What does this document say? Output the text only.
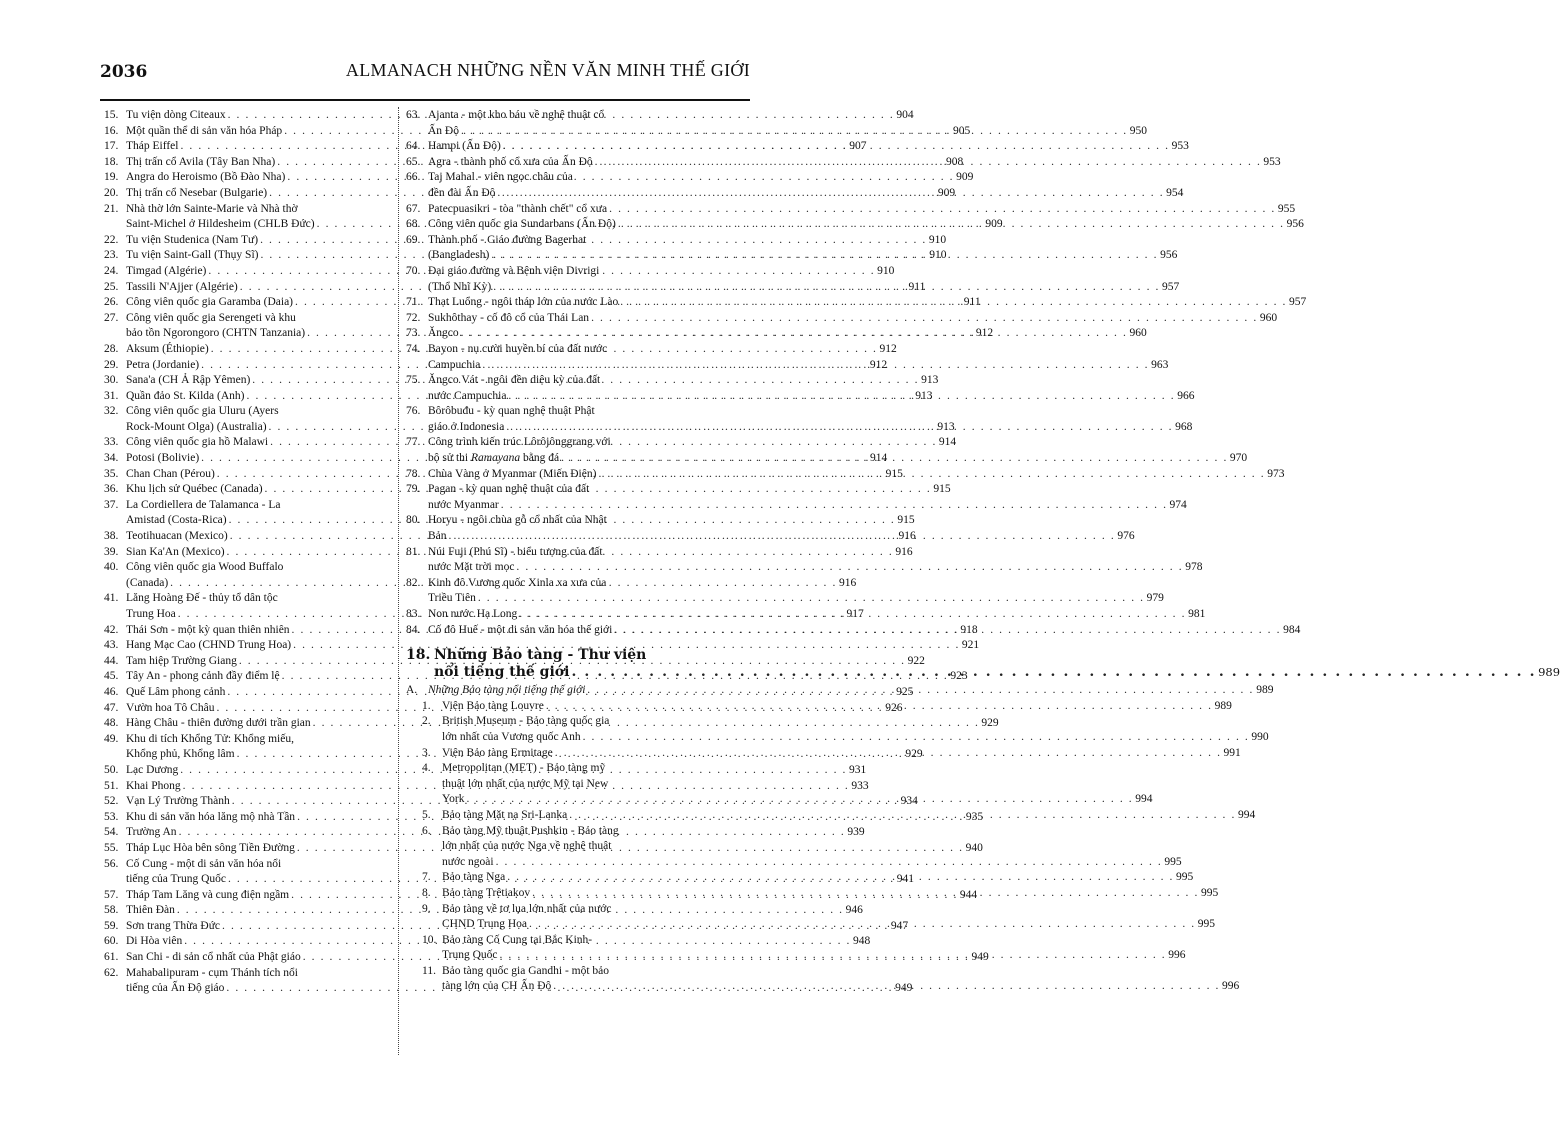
2036	ALMANACH NHỮNG NỀN VĂN MINH THẾ GIỚI
15. Tu viện dòng Citeaux . . .	904
16. Một quần thể di sản văn hóa Pháp . . .	905
17. Tháp Eiffel . . .	907
18. Thị trấn cổ Avila (Tây Ban Nha) . . .	908
19. Angra do Heroismo (Bồ Đào Nha) . . .	909
20. Thị trấn cổ Nesebar (Bulgarie) . . .	909
21. Nhà thờ lớn Sainte-Marie và Nhà thờ
Saint-Michel ở Hildesheim (CHLB Đức) . . .	909
22. Tu viện Studenica (Nam Tư) . . .	910
23. Tu viện Saint-Gall (Thụy Sĩ) . . .	910
24. Timgad (Algérie) . . .	910
25. Tassili N'Ajjer (Algérie) . . .	911
26. Công viên quốc gia Garamba (Daia) . . .	911
27. Công viên quốc gia Serengeti và khu
bảo tồn Ngorongoro (CHTN Tanzania) . . .	912
28. Aksum (Éthiopie) . . .	912
29. Petra (Jordanie) . . .	912
30. Sana'a (CH Ả Rập Yêmen) . . .	913
31. Quần đảo St. Kilda (Anh) . . .	913
32. Công viên quốc gia Uluru (Ayers
Rock-Mount Olga) (Australia) . . .	913
33. Công viên quốc gia hồ Malawi . . .	914
34. Potosi (Bolivie) . . .	914
35. Chan Chan (Pérou) . . .	915
36. Khu lịch sử Québec (Canada) . . .	915
37. La Cordiellera de Talamanca - La
Amistad (Costa-Rica) . . .	915
38. Teotihuacan (Mexico) . . .	916
39. Sian Ka'An (Mexico) . . .	916
40. Công viên quốc gia Wood Buffalo
(Canada) . . .	916
41. Lăng Hoàng Đế - thủy tổ dân tộc
Trung Hoa . . .	917
42. Thái Sơn - một kỳ quan thiên nhiên . . .	918
43. Hang Mạc Cao (CHND Trung Hoa) . . .	921
44. Tam hiệp Trường Giang . . .	922
45. Tây An - phong cảnh đầy điểm lệ . . .	923
46. Quế Lâm phong cảnh . . .	925
47. Vườn hoa Tô Châu . . .	926
48. Hàng Châu - thiên đường dưới trần gian . . .	929
49. Khu di tích Khổng Tử: Khổng miếu,
Khổng phủ, Khổng lâm . . .	929
50. Lạc Dương . . .	931
51. Khai Phong . . .	933
52. Vạn Lý Trường Thành . . .	934
53. Khu di sản văn hóa lăng mộ nhà Tần . . .	935
54. Trường An . . .	939
55. Tháp Lục Hòa bên sông Tiền Đường . . .	940
56. Cố Cung - một di sản văn hóa nổi
tiếng của Trung Quốc . . .	941
57. Tháp Tam Lăng và cung điện ngầm . . .	944
58. Thiên Đàn . . .	946
59. Sơn trang Thừa Đức . . .	947
60. Di Hòa viên . . .	948
61. San Chi - di sản cổ nhất của Phật giáo . . .	949
62. Mahabalipuram - cụm Thánh tích nổi
tiếng của Ấn Độ giáo . . .	949
63. Ajanta - một kho báu về nghệ thuật cổ
Ấn Độ . . .	950
64. Hampi (Ấn Độ) . . .	953
65. Agra - thành phố cổ xưa của Ấn Độ . . .	953
66. Taj Mahal - viên ngọc châu của
đền đài Ấn Độ . . .	954
67. Patecpuasikri - tòa "thành chết" cổ xưa . . .	955
68. Công viên quốc gia Sundarbans (Ấn Độ) . . .	956
69. Thành phố - Giáo đường Bagerhat
(Bangladesh) . . .	956
70. Đại giáo đường và Bệnh viện Divrigi
(Thổ Nhĩ Kỳ) . . .	957
71. Thạt Luổng - ngôi tháp lớn của nước Lào . . .	957
72. Sukhôthay - cố đô cổ của Thái Lan . . .	960
73. Ăngco . . .	960
74. Bayon - nụ cười huyền bí của đất nước
Campuchia . . .	963
75. Ăngco Vát - ngôi đền diệu kỳ của đất
nước Campuchia . . .	966
76. Bôrôbuđu - kỳ quan nghệ thuật Phật
giáo ở Indonesia . . .	968
77. Công trình kiến trúc Lôrôjônggrang với
bộ sử thi Ramayana bằng đá . . .	970
78. Chùa Vàng ở Myanmar (Miến Điện) . . .	973
79. Pagan - kỳ quan nghệ thuật của đất
nước Myanmar . . .	974
80. Horyu - ngôi chùa gỗ cổ nhất của Nhật
Bản . . .	976
81. Núi Fuji (Phú Sĩ) - biểu tượng của đất
nước Mặt trời mọc . . .	978
82. Kinh đô Vương quốc Xinla xa xưa của
Triều Tiên . . .	979
83. Non nước Hạ Long . . .	981
84. Cố đô Huế - một di sản văn hóa thế giới . . .	984
18. Những Bảo tàng - Thư viện
nổi tiếng thế giới . . .	989
A. Những Bảo tàng nổi tiếng thế giới . . .	989
1. Viện Bảo tàng Louvre . . .	989
2. British Museum - Bảo tàng quốc gia
lớn nhất của Vương quốc Anh . . .	990
3. Viện Bảo tàng Ermitage . . .	991
4. Metropolitan (MET) - Bảo tàng mỹ
thuật lớn nhất của nước Mỹ tại New
York . . .	994
5. Bảo tàng Mặt nạ Sri-Lanka . . .	994
6. Bảo tàng Mỹ thuật Pushkin - Bảo tàng
lớn nhất của nước Nga về nghệ thuật
nước ngoài . . .	995
7. Bảo tàng Nga . . .	995
8. Bảo tàng Trêtiakov . . .	995
9. Bảo tàng về tơ lụa lớn nhất của nước
CHND Trung Hoa . . .	995
10. Bảo tàng Cố Cung tại Bắc Kinh-
Trung Quốc . . .	996
11. Bảo tàng quốc gia Gandhi - một bảo
tàng lớn của CH Ấn Độ . . .	996
